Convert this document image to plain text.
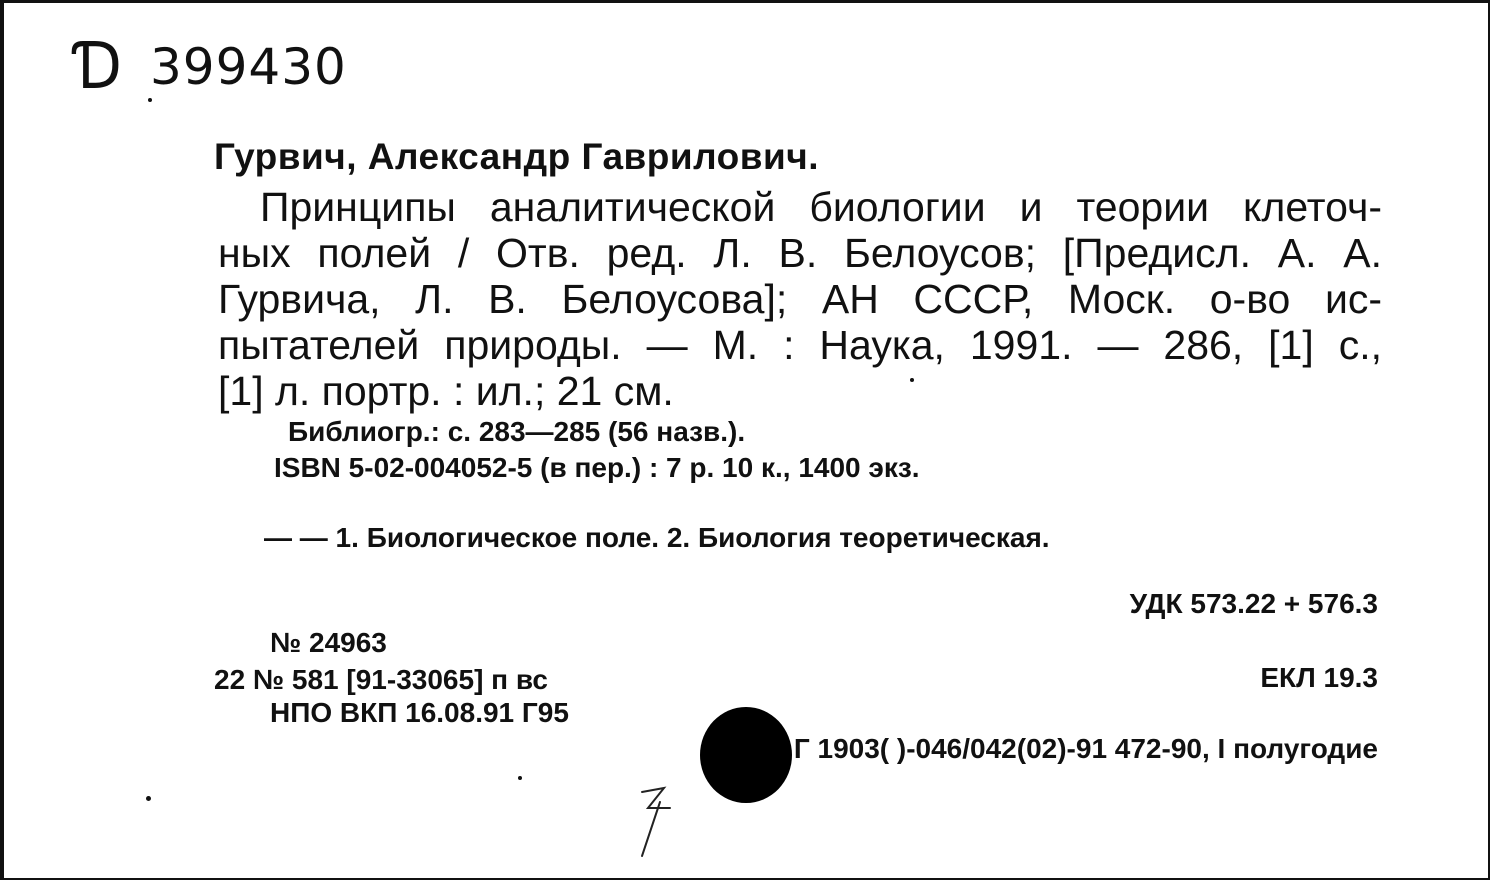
Ɗ 399430
Гурвич, Александр Гаврилович.
Принципы аналитической биологии и теории клеточ-
ных полей / Отв. ред. Л. В. Белоусов; [Предисл. А. А.
Гурвича, Л. В. Белоусова]; АН СССР, Моск. о-во ис-
пытателей природы. — М. : Наука, 1991. — 286, [1] с.,
[1] л. портр. : ил.; 21 см.
Библиогр.: с. 283—285 (56 назв.).
ISBN 5-02-004052-5 (в пер.) : 7 р. 10 к., 1400 экз.
— — 1. Биологическое поле. 2. Биология теоретическая.
УДК 573.22 + 576.3
№ 24963
22 № 581 [91-33065] п вс	ЕКЛ 19.3
НПО ВКП 16.08.91 Г95
Г 1903( )-046/042(02)-91 472-90, I полугодие
